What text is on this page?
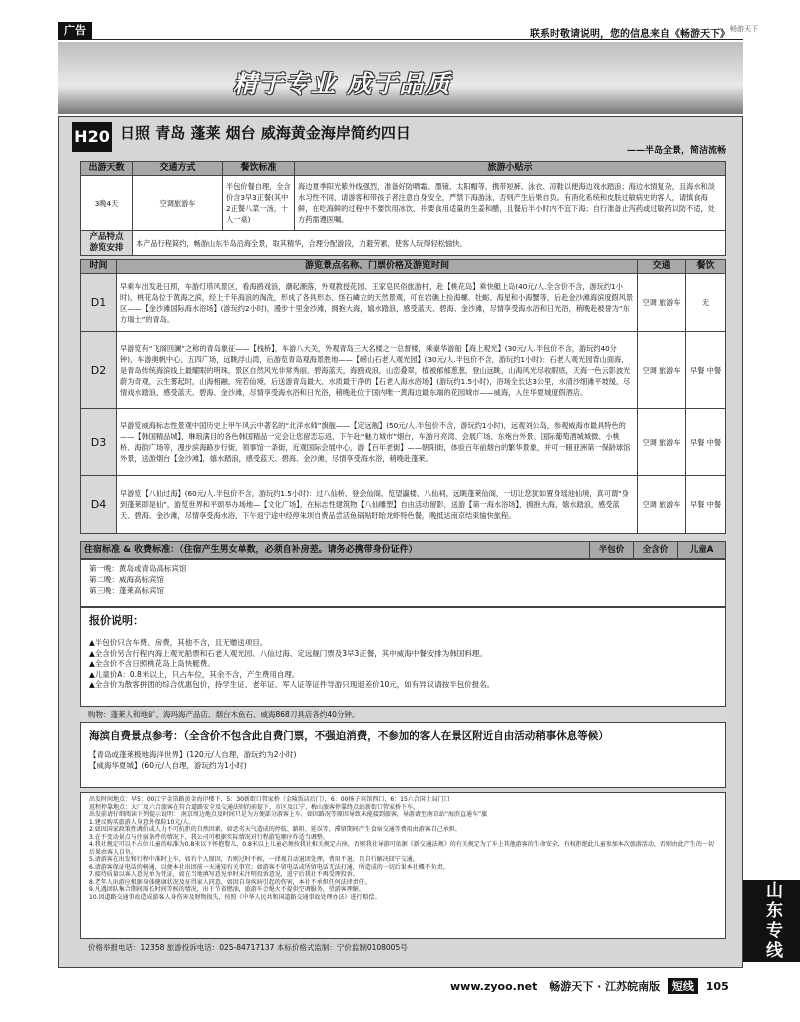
广告	联系时敬请说明，您的信息来自《畅游天下》 畅游天下
精于专业 成于品质
H20 日照 青岛 蓬莱 烟台 威海黄金海岸简约四日
——半岛全景，简洁流畅
出游天数	交通方式	餐饮标准	旅游小贴示
3晚4天	空调旅游车	半包价餐自理，全含价含3早3正餐(其中2正餐八菜一汤，十人一桌)	海边夏季阳光紫外线强烈，准备好防晒霜、墨镜、太阳帽等，携带短裤、泳衣、凉鞋以便海边戏水踏浪；海边水情复杂，且海水和淡水习性不同，请游客和带孩子者注意自身安全，严禁下海游泳，否则产生后果自负。有消化系统和皮肤过敏病史的客人，请慎食海鲜，在吃海鲜的过程中不要饮用冰饮，并要食用适量的生姜和醋，且餐后半小时内不宜下海；自行准备止泻药或过敏药以防不适，处方药需遵医嘱。
产品特点 游览安排	本产品行程简约，畅游山东半岛沿海全景，取其精华，合理分配游段，力避劳累，使客人玩得轻松愉快。		
时间	游览景点名称、门票价格及游览时间	交通	餐饮
D1	早乘车出发赴日照，车游灯塔风景区，看海鸥戏浪，潮起潮落，外观教授花园、王家皂民俗旅游村，赴【桃花岛】乘快艇上岛(40元/人.全含价不含，游玩约1小时)，桃花岛位于黄海之滨，经上千年海浪的淘洗，形成了各具形态、怪石嶙立的天然景观，可在岩礁上捡海螺、牡蛎、海星和小海蟹等，后赴金沙滩海滨度假风景区——【金沙滩国际海水浴场】(游玩约2小时)，漫步十里金沙滩，拥抱大海，嬉水踏浪，感受蓝天、碧海、金沙滩，尽情享受海水浴和日光浴，稍晚赴被誉为“东方瑞士”的青岛。	空调 旅游车	无
D2	早游览有“飞阁回澜”之称的青岛象征——【栈桥】，车游八大关，外观青岛三大名楼之一总督楼，乘豪华游船【海上观光】(30元/人.半包价不含，游玩约40分钟)，车游奥帆中心、五四广场，远眺浮山湾，后游览青岛观海景胜地——【崂山石老人观光园】(30元/人.半包价不含，游玩约1小时)：石老人观光园背山面海，是青岛传统海滨线上最耀眼的明珠，景区自然风光非常秀丽，碧海蓝天，海鸥戏浪，山峦叠翠，植被郁郁葱葱，登山远眺，山海风光尽收眼底，天海一色云影波光蔚为奇观，云生雾起时，山海相融，宛若仙境，后送游青岛最大、水质最干净的【石老人海水浴场】(游玩约1.5小时)，浴场全长达3公里，水清沙细滩平坡缓，尽情戏水踏浪，感受蓝天、碧海、金沙滩，尽情享受海水浴和日光浴，稍晚赴位于国内唯一黄海边最东端的花园城市——威海，入住华夏城度假酒店。	空调 旅游车	早餐 中餐
D3	早游览威海标志性景观中国历史上甲午风云中著名的“北洋水师”旗舰——【定远舰】(50元/人.半包价不含，游玩约1小时)，远观刘公岛，参观威海市最具特色的——【韩国精品城】，琳琅满目的各色韩国精品一定会让您留恋忘返，下午赴“魅力城市”烟台，车游月亮湾、会展广场、东炮台外景、国际葡萄酒城城微、小桃桥、海韵广场等，漫步滨海路步行街，领事馆一条街，近观国际会展中心，游【百年老街】——朝阳街，体验百年前烟台的繁华景象，并可一睹亚洲第一保龄球馆外景，送游烟台【金沙滩】，嬉水踏浪，感受蓝天、碧海、金沙滩，尽情享受海水浴，稍晚赴蓬莱。	空调 旅游车	早餐 中餐
D4	早游览【八仙过海】(60元/人.半包价不含，游玩约1.5小时)：过八仙桥、登会仙阁、览望瀛楼、八仙祠，远眺蓬莱仙阁，一切让您犹如置身瑶池仙境，真可谓“身到蓬莱即是仙”，游览世界和平颂举办场地—【文化广场】，在标志性建筑物【八仙雕塑】自由活动留影，送游【第一海水浴场】，拥抱大海，嬉水踏浪，感受蓝天、碧海、金沙滩，尽情享受海水浴，下午返宁途中经停朱坝自费品尝活鱼锅贴盱眙龙虾特色餐，晚抵达南京结束愉快旅程。	空调 旅游车	早餐 中餐
住宿标准 & 收费标准：（住宿产生男女单数，必须自补房差。请务必携带身份证件）	半包价	全含价	儿童A
第一晚：黄岛或青岛高标宾馆
第二晚：威海高标宾馆
第三晚：蓬莱高标宾馆
报价说明：
▲半包价只含车费、房费，其他不含，且无赠送项目。
▲全含价另含行程内海上观光船票和石老人观光园、八仙过海、定远舰门票及3早3正餐，其中威海中餐安排为韩国料理。
▲全含价不含日照桃花岛上岛快艇费。
▲儿童价A：0.8米以上，只占车位，其余不含，产生费用自理。
▲全含价为散客拼团的综合优惠包价，持学生证、老年证、军人证等证件导游只现退差价10元，如有异议请按半包价报名。
购物：蓬莱人和地矿、海玛海产品店、烟台木鱼石、威海868刀具店各约40分钟。
海滨自费景点参考：（全含价不包含此自费门票，不强迫消费，不参加的客人在景区附近自由活动稍事休息等候）
【青岛或蓬莱极地海洋世界】(120元/人自理，游玩约为2小时)
【威海华夏城】(60元/人自理，游玩约为1小时)
出发时间地点：早5：00江宁金箔路黄金海岸楼下，5：30新街口管家桥（金陵饭店后门），6：00扬子宾馆西口，6：15六合国土局门口
返程停靠地点：大厂及六合旅客在符合道路安全及交通法则的前提下，市区及江宁、梅山旅客停靠终点站新街口管家桥下车。
出发前请仔细阅读下列提示说明： 南京周边地点及时间只是为方便部分游客上车，如因路况等原因导致未能接到旅客，导游请至南京站“海滨直通车”旗
1.建议购买旅游人身意外保险10元/人。
2.如因国家政策性调价或人力不可抗拒的自然因素，如恶劣天气造成的停航、路阻、延误等，滞留期间产生食宿交通等费用由游客自己承担。
3.在不变动景点与住宿条件的情况下，我公司可根据实际情况对行程游览顺序作适当调整。
4.我社规定可以不占位儿童的标准为0.8米以下怀抱婴儿，0.8米以上儿童必须按我社相关规定占座，否则我社导游可依据《新交通法规》的有关规定为了车上其他游客的生命安全，有权拒绝此儿童参加本次旅游活动，否则由此产生的一切后果由客人自负。
5.请游客在出发和行程中准时上车，如有个人原因，否则过时不候，一律视自动退团处理，费用不退，且自行解决回宁交通。
6.请游客保证电话的畅通，以便本社出团前一天通知有关事宜；如游客不留电话或所留电话无法打通，所造成的一切后果本社概不负责。
7.接待质量以客人意见单为凭证，如在当地填写意见单时未注明投诉意见，返宁后我社不再受理投诉。
8.老年人出游应根据身体健康状况及征得家人同意，如因自身疾病引起的伤害，本社不承担任何法律责任。
9.凡遇团队集合期间需长时间等候的情况，出于节省燃油，旅游车会熄火不提供空调服务，望游客理解。
10.因道路交通事故造成游客人身伤害及财物损失，按照《中华人民共和国道路交通事故处理办法》进行赔偿。
价格举报电话：12358 旅游投诉电话：025-84717137 本标价格式监制：宁价监制0108005号	山东专线
www.zyoo.net 畅游天下 · 江苏皖南版 短线 105
